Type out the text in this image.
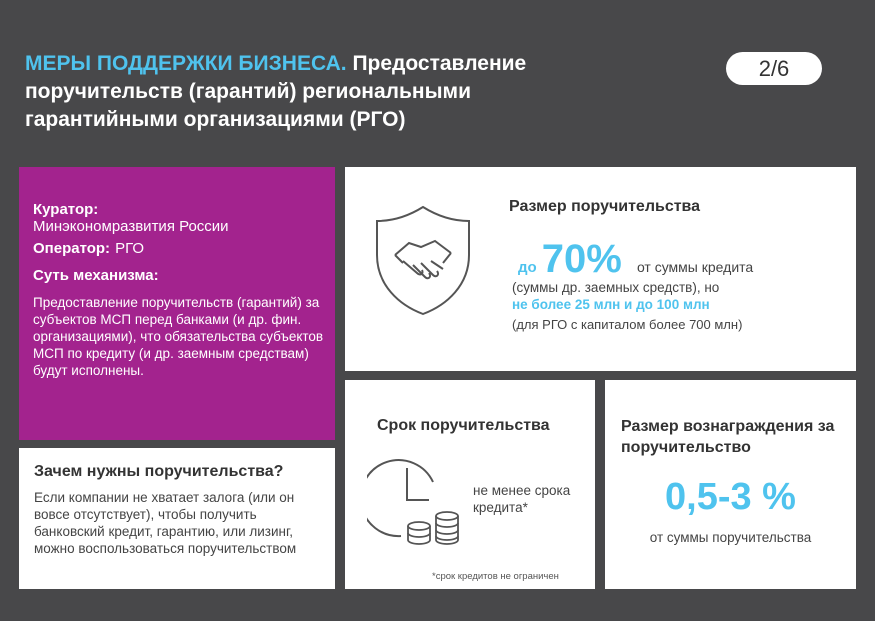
МЕРЫ ПОДДЕРЖКИ БИЗНЕСА. Предоставление поручительств (гарантий) региональными гарантийными организациями (РГО)
2/6
Куратор:
Минэкономразвития России
Оператор: РГО
Суть механизма:
Предоставление поручительств (гарантий) за субъектов МСП перед банками (и др. фин. организациями), что обязательства субъектов МСП по кредиту (и др. заемным средствам) будут исполнены.
Зачем нужны поручительства?
Если компании не хватает залога (или он вовсе отсутствует), чтобы получить банковский кредит, гарантию, или лизинг, можно воспользоваться поручительством
Размер поручительства
до 70% от суммы кредита
(суммы др. заемных средств), но
не более 25 млн и до 100 млн
(для РГО с капиталом более 700 млн)
Срок поручительства
не менее срока кредита*
*срок кредитов не ограничен
Размер вознаграждения за поручительство
0,5-3 %
от суммы поручительства
